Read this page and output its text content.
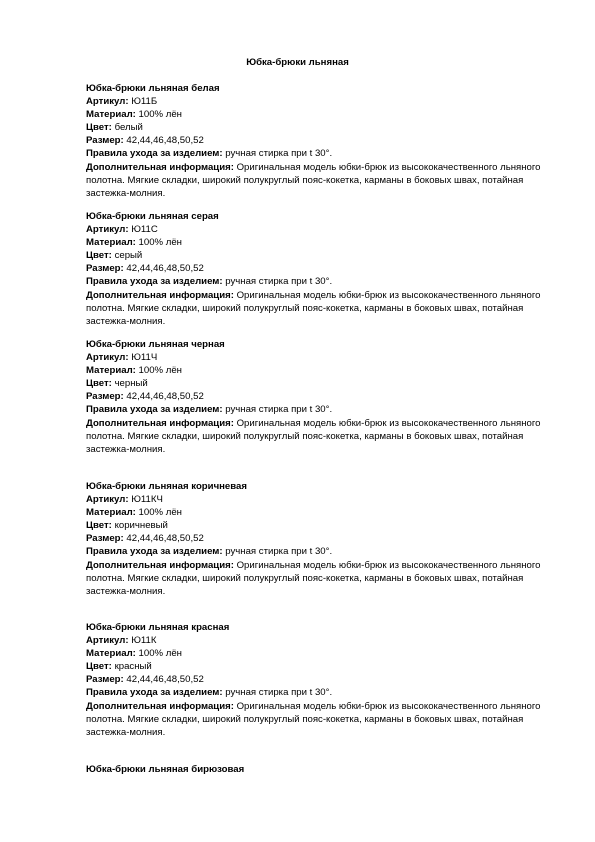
Юбка-брюки льняная
Юбка-брюки льняная белая
Артикул: Ю11Б
Материал: 100% лён
Цвет: белый
Размер: 42,44,46,48,50,52
Правила ухода за изделием: ручная стирка при t 30°.
Дополнительная информация: Оригинальная модель юбки-брюк из высококачественного льняного полотна. Мягкие складки, широкий полукруглый пояс-кокетка, карманы в боковых швах, потайная застежка-молния.
Юбка-брюки льняная серая
Артикул: Ю11С
Материал: 100% лён
Цвет: серый
Размер: 42,44,46,48,50,52
Правила ухода за изделием: ручная стирка при t 30°.
Дополнительная информация: Оригинальная модель юбки-брюк из высококачественного льняного полотна. Мягкие складки, широкий полукруглый пояс-кокетка, карманы в боковых швах, потайная застежка-молния.
Юбка-брюки льняная черная
Артикул: Ю11Ч
Материал: 100% лён
Цвет: черный
Размер: 42,44,46,48,50,52
Правила ухода за изделием: ручная стирка при t 30°.
Дополнительная информация: Оригинальная модель юбки-брюк из высококачественного льняного полотна. Мягкие складки, широкий полукруглый пояс-кокетка, карманы в боковых швах, потайная застежка-молния.
Юбка-брюки льняная коричневая
Артикул: Ю11КЧ
Материал: 100% лён
Цвет: коричневый
Размер: 42,44,46,48,50,52
Правила ухода за изделием: ручная стирка при t 30°.
Дополнительная информация: Оригинальная модель юбки-брюк из высококачественного льняного полотна. Мягкие складки, широкий полукруглый пояс-кокетка, карманы в боковых швах, потайная застежка-молния.
Юбка-брюки льняная красная
Артикул: Ю11К
Материал: 100% лён
Цвет: красный
Размер: 42,44,46,48,50,52
Правила ухода за изделием: ручная стирка при t 30°.
Дополнительная информация: Оригинальная модель юбки-брюк из высококачественного льняного полотна. Мягкие складки, широкий полукруглый пояс-кокетка, карманы в боковых швах, потайная застежка-молния.
Юбка-брюки льняная бирюзовая
